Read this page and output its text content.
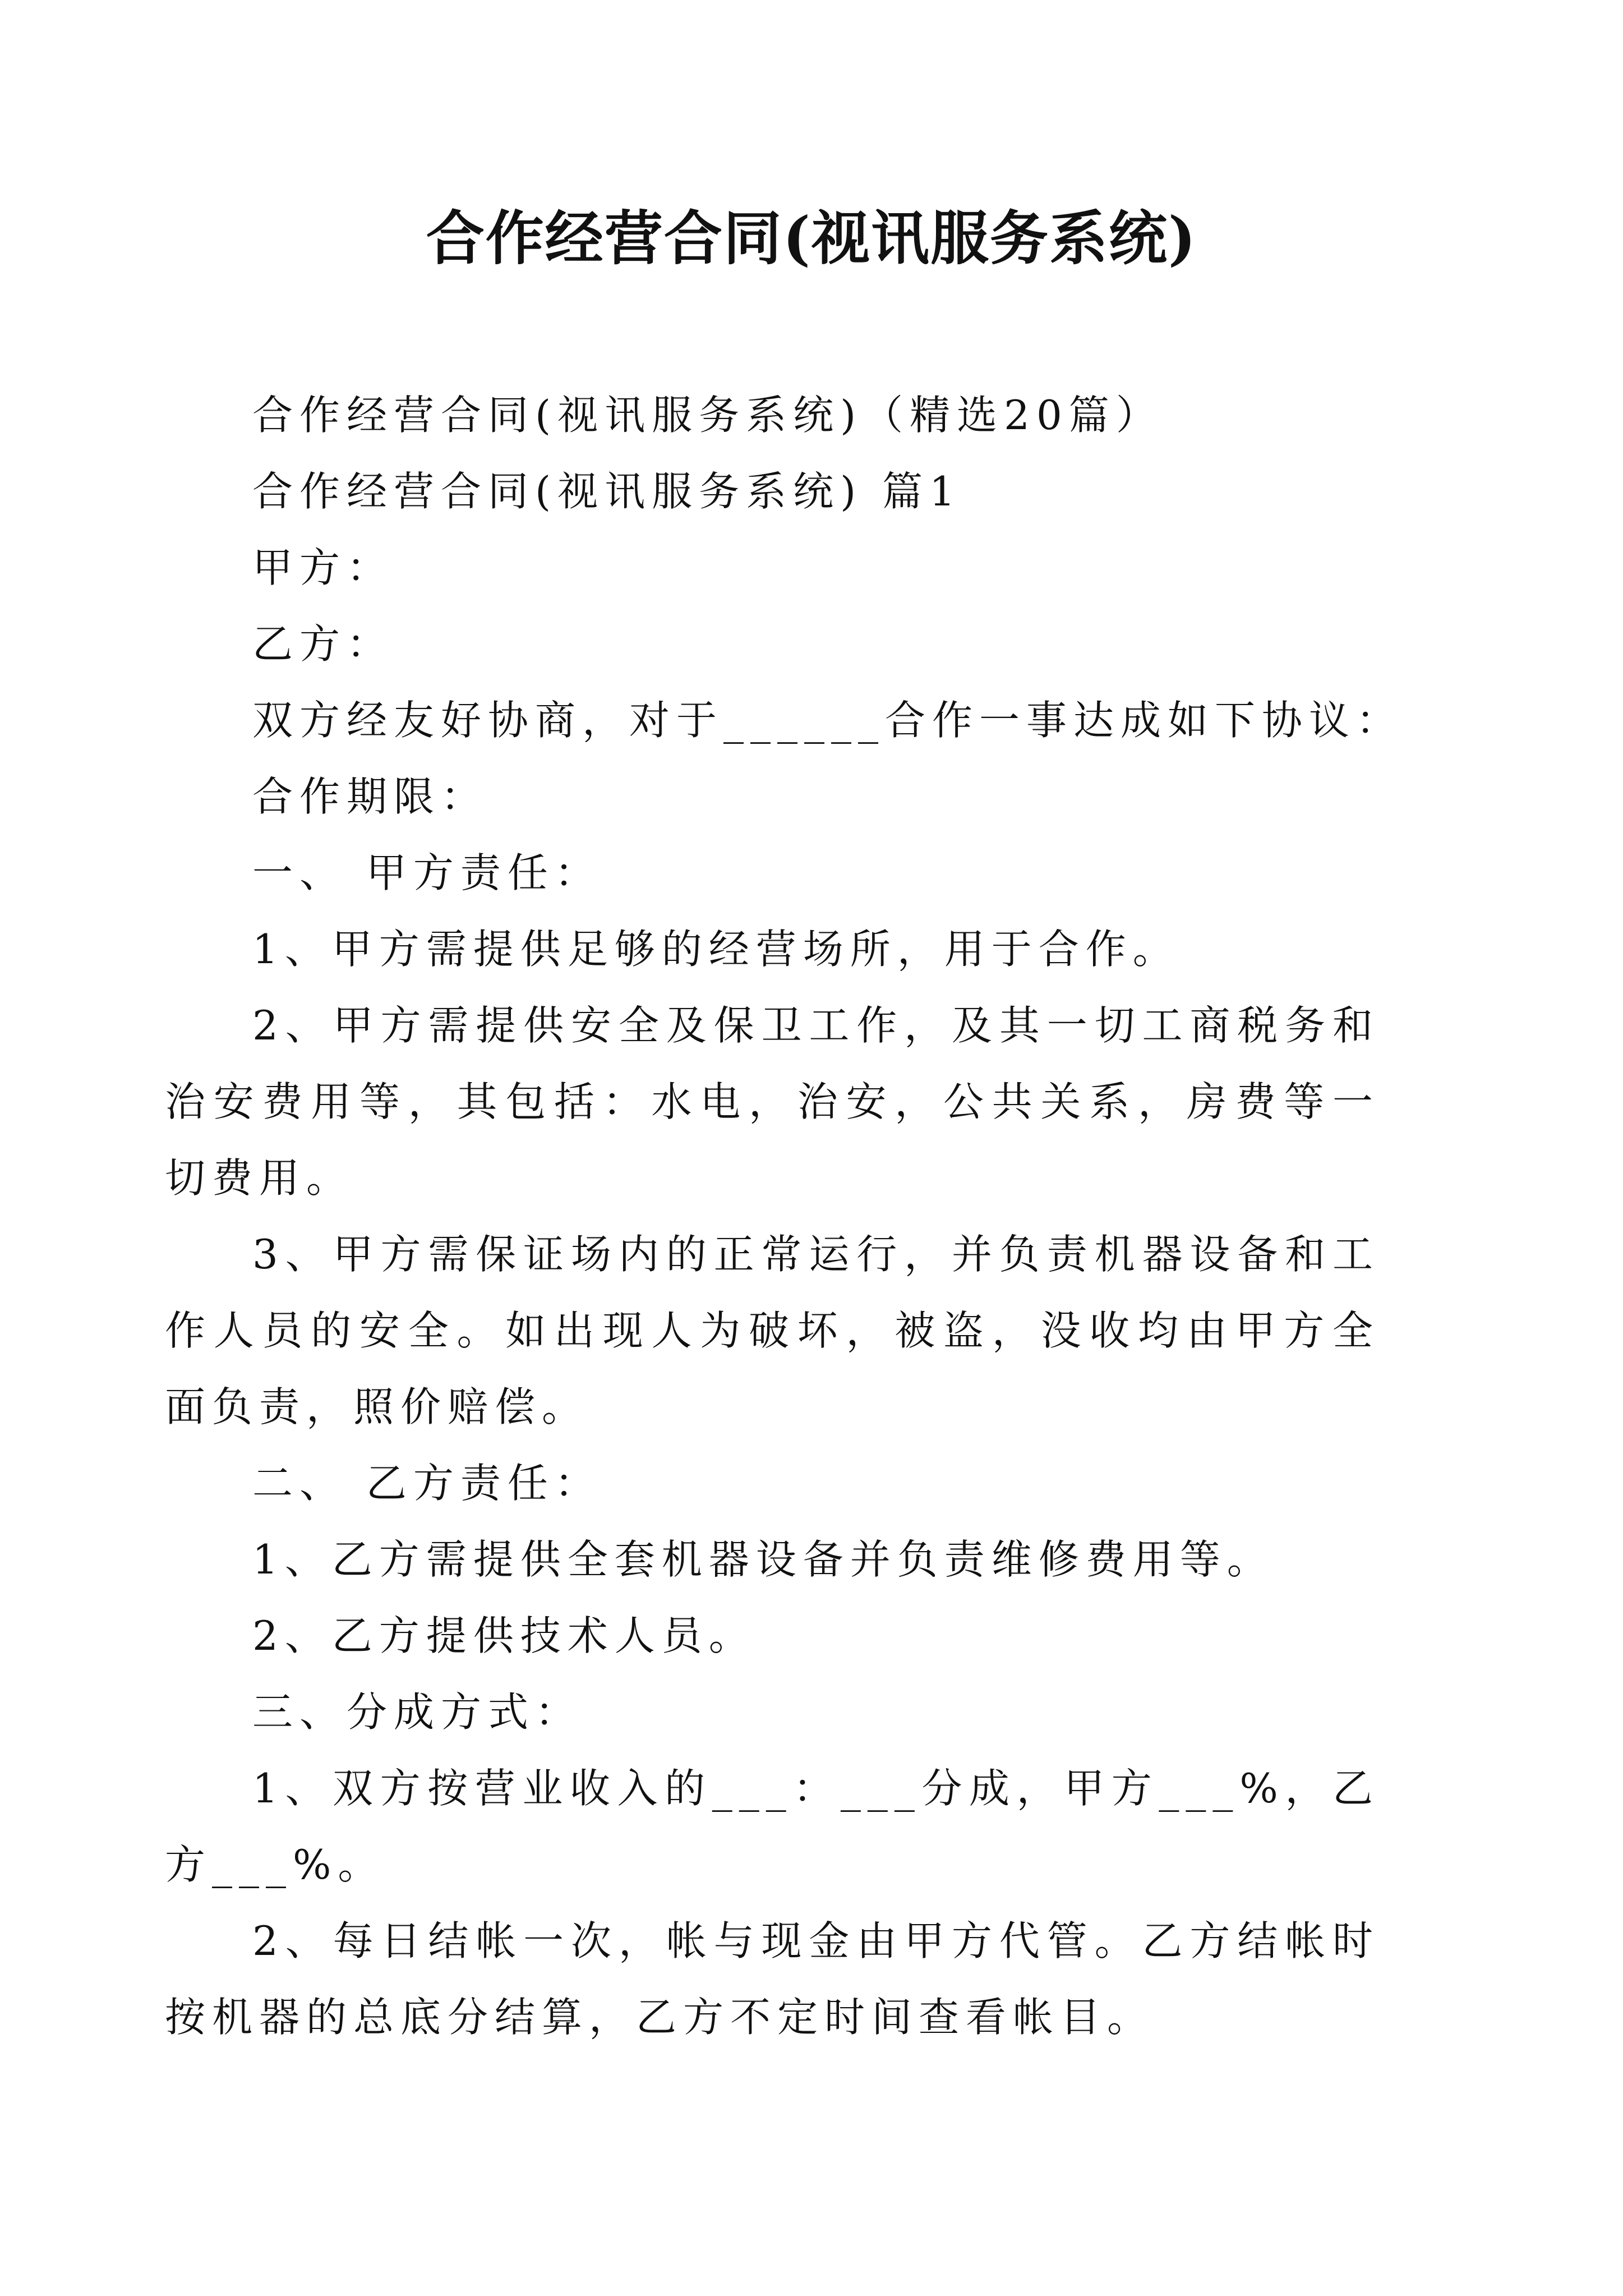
合作经营合同(视讯服务系统)
合作经营合同(视讯服务系统)（精选20篇）
合作经营合同(视讯服务系统) 篇1
甲方：
乙方：
双方经友好协商，对于______合作一事达成如下协议：
合作期限：
一、 甲方责任：
1、甲方需提供足够的经营场所，用于合作。
2、甲方需提供安全及保卫工作，及其一切工商税务和治安费用等，其包括：水电，治安，公共关系，房费等一切费用。
3、甲方需保证场内的正常运行，并负责机器设备和工作人员的安全。如出现人为破坏，被盗，没收均由甲方全面负责，照价赔偿。
二、 乙方责任：
1、乙方需提供全套机器设备并负责维修费用等。
2、乙方提供技术人员。
三、分成方式：
1、双方按营业收入的___：___分成，甲方___%，乙方___%。
2、每日结帐一次，帐与现金由甲方代管。乙方结帐时按机器的总底分结算，乙方不定时间查看帐目。
